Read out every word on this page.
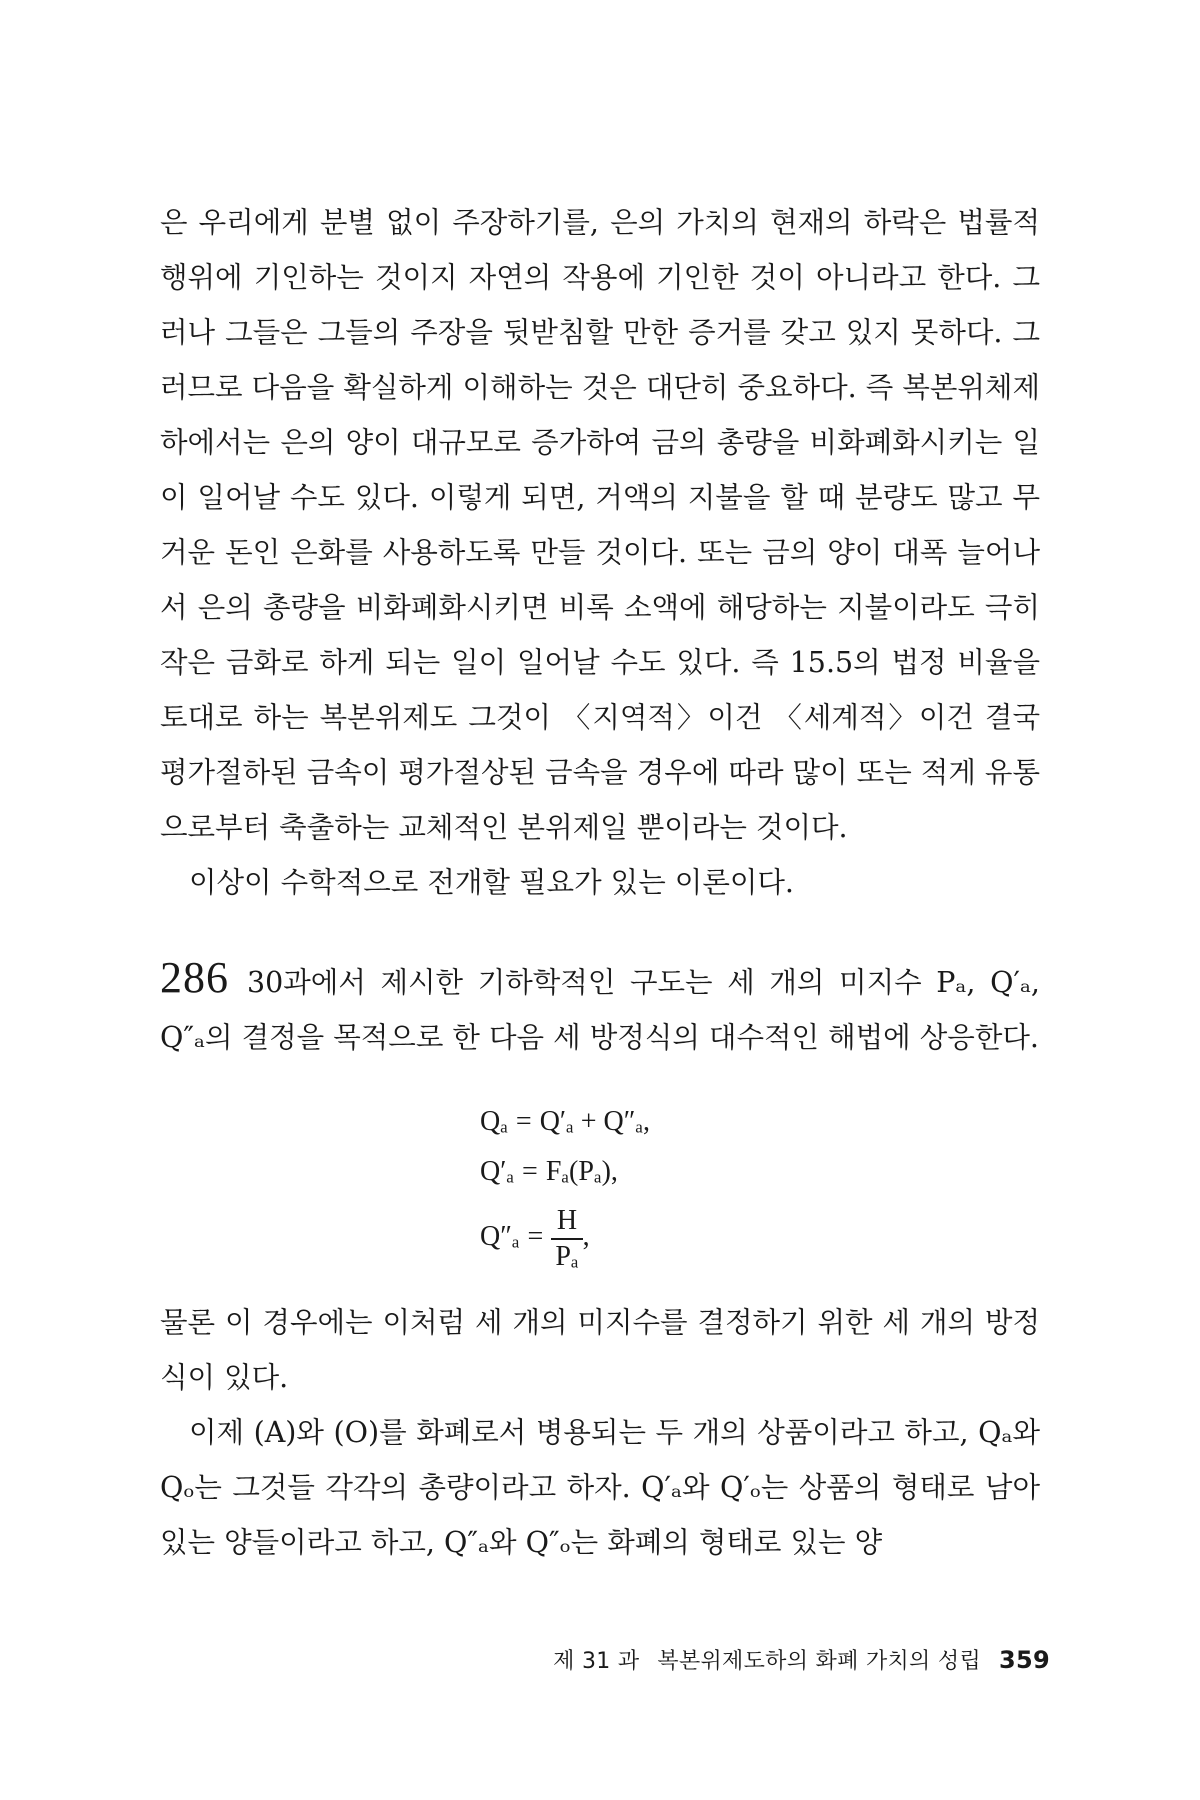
은 우리에게 분별 없이 주장하기를, 은의 가치의 현재의 하락은 법률적 행위에 기인하는 것이지 자연의 작용에 기인한 것이 아니라고 한다. 그러나 그들은 그들의 주장을 뒷받침할 만한 증거를 갖고 있지 못하다. 그러므로 다음을 확실하게 이해하는 것은 대단히 중요하다. 즉 복본위체제하에서는 은의 양이 대규모로 증가하여 금의 총량을 비화폐화시키는 일이 일어날 수도 있다. 이렇게 되면, 거액의 지불을 할 때 분량도 많고 무거운 돈인 은화를 사용하도록 만들 것이다. 또는 금의 양이 대폭 늘어나서 은의 총량을 비화폐화시키면 비록 소액에 해당하는 지불이라도 극히 작은 금화로 하게 되는 일이 일어날 수도 있다. 즉 15.5의 법정 비율을 토대로 하는 복본위제도 그것이 〈지역적〉이건 〈세계적〉이건 결국 평가절하된 금속이 평가절상된 금속을 경우에 따라 많이 또는 적게 유통으로부터 축출하는 교체적인 본위제일 뿐이라는 것이다.

이상이 수학적으로 전개할 필요가 있는 이론이다.

286 30과에서 제시한 기하학적인 구도는 세 개의 미지수 Pₐ, Q′ₐ, Q″ₐ의 결정을 목적으로 한 다음 세 방정식의 대수적인 해법에 상응한다.

Qₐ = Q′ₐ + Q″ₐ,
Q′ₐ = Fₐ(Pₐ),
$Q''_a = \frac{H}{\text{Pₐ}}$ ,

물론 이 경우에는 이처럼 세 개의 미지수를 결정하기 위한 세 개의 방정식이 있다.

이제 (A)와 (O)를 화폐로서 병용되는 두 개의 상품이라고 하고, Qₐ와 Qₒ는 그것들 각각의 총량이라고 하자. Q′ₐ와 Q′ₒ는 상품의 형태로 남아 있는 양들이라고 하고, Q″ₐ와 Q″ₒ는 화폐의 형태로 있는 양

제 31 과 복본위제도하의 화폐 가치의 성립 359
